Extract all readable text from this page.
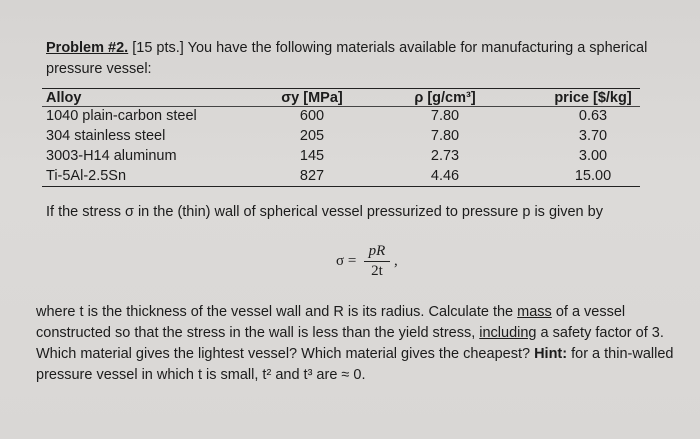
Problem #2. [15 pts.] You have the following materials available for manufacturing a spherical pressure vessel:
Alloy	σy [MPa]	ρ [g/cm³]	price [$/kg]
1040 plain-carbon steel	600	7.80	0.63
304 stainless steel	205	7.80	3.70
3003-H14 aluminum	145	2.73	3.00
Ti-5Al-2.5Sn	827	4.46	15.00
If the stress σ in the (thin) wall of spherical vessel pressurized to pressure p is given by
σ =
pR
2t
,
where t is the thickness of the vessel wall and R is its radius. Calculate the mass of a vessel constructed so that the stress in the wall is less than the yield stress, including a safety factor of 3. Which material gives the lightest vessel? Which material gives the cheapest? Hint: for a thin-walled pressure vessel in which t is small, t² and t³ are ≈ 0.
